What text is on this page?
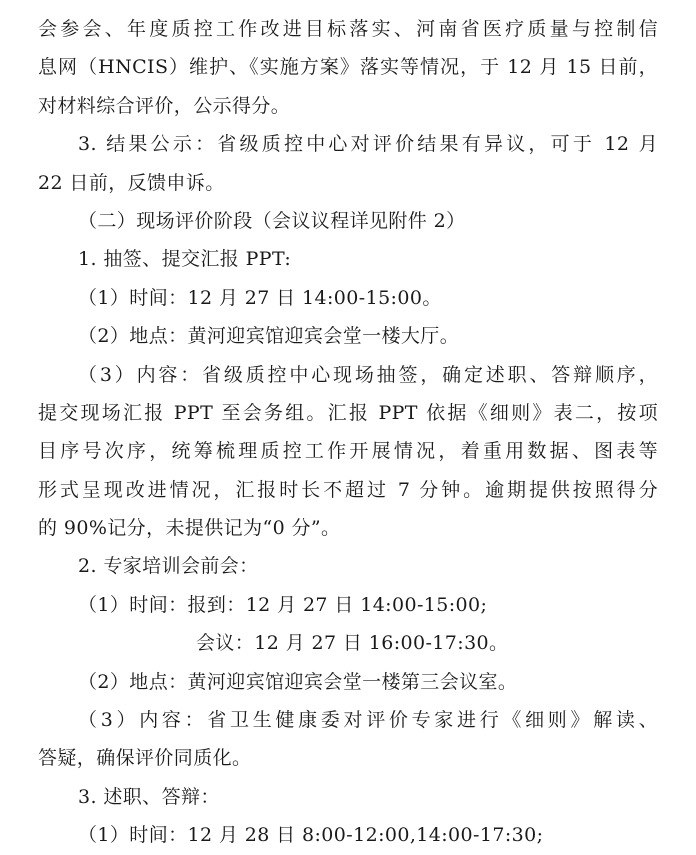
会参会、年度质控工作改进目标落实、河南省医疗质量与控制信
息网（HNCIS）维护、《实施方案》落实等情况，于 12 月 15 日前，
对材料综合评价，公示得分。
3. 结果公示：省级质控中心对评价结果有异议，可于 12 月
22 日前，反馈申诉。
（二）现场评价阶段（会议议程详见附件 2）
1. 抽签、提交汇报 PPT:
（1）时间：12 月 27 日 14:00-15:00。
（2）地点：黄河迎宾馆迎宾会堂一楼大厅。
（3）内容：省级质控中心现场抽签，确定述职、答辩顺序，
提交现场汇报 PPT 至会务组。汇报 PPT 依据《细则》表二，按项
目序号次序，统筹梳理质控工作开展情况，着重用数据、图表等
形式呈现改进情况，汇报时长不超过 7 分钟。逾期提供按照得分
的 90%记分，未提供记为“0 分”。
2. 专家培训会前会：
（1）时间：报到：12 月 27 日 14:00-15:00;
会议：12 月 27 日 16:00-17:30。
（2）地点：黄河迎宾馆迎宾会堂一楼第三会议室。
（3）内容：省卫生健康委对评价专家进行《细则》解读、
答疑，确保评价同质化。
3. 述职、答辩：
（1）时间：12 月 28 日 8:00-12:00,14:00-17:30;
